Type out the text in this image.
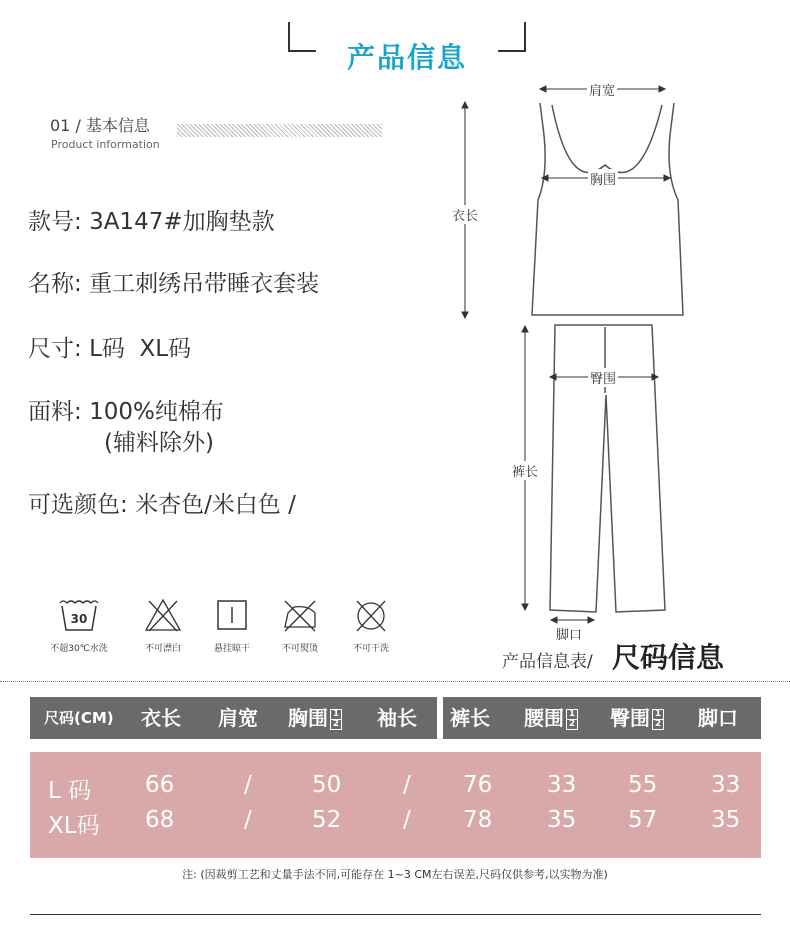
产品信息
01 / 基本信息
Product information
款号: 3A147#加胸垫款
名称: 重工刺绣吊带睡衣套装
尺寸: L码  XL码
面料: 100%纯棉布
(辅料除外)
可选颜色: 米杏色/米白色 /
肩宽
胸围
衣长
臀围
裤长
脚口
30
不超30℃水洗	不可漂白	悬挂晾干	不可熨烫	不可干洗
产品信息表/ 尺码信息
尺码(CM) 衣长 肩宽 胸围 $\frac{1}{2}$ 袖长 裤长 腰围 $\frac{1}{2}$ 臀围 $\frac{1}{2}$ 脚口
L 码 66	/	50	/ 76 33 55 33
XL码 68	/	52	/ 78 35 57 35
注: (因裁剪工艺和丈量手法不同,可能存在 1~3 CM左右误差,尺码仅供参考,以实物为准)
